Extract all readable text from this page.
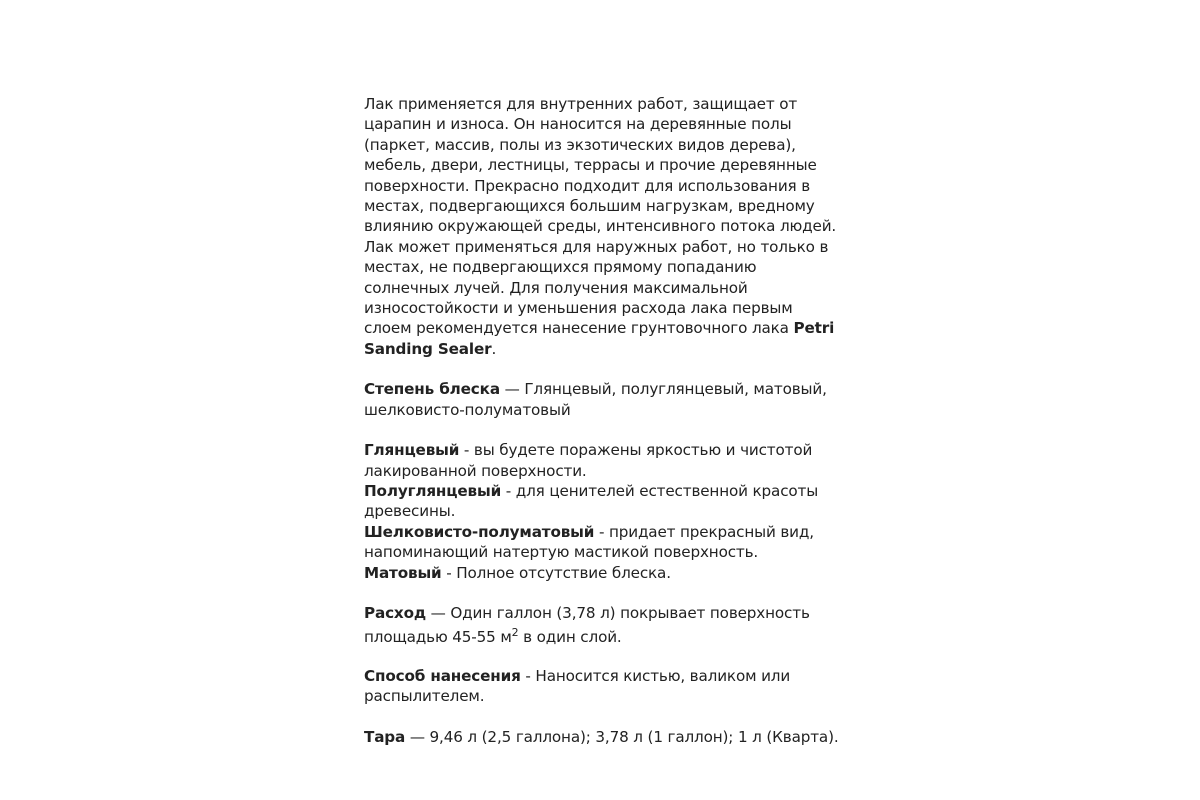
Лак применяется для внутренних работ, защищает от царапин и износа. Он наносится на деревянные полы (паркет, массив, полы из экзотических видов дерева), мебель, двери, лестницы, террасы и прочие деревянные поверхности. Прекрасно подходит для использования в местах, подвергающихся большим нагрузкам, вредному влиянию окружающей среды, интенсивного потока людей. Лак может применяться для наружных работ, но только в местах, не подвергающихся прямому попаданию солнечных лучей. Для получения максимальной износостойкости и уменьшения расхода лака первым слоем рекомендуется нанесение грунтовочного лака Petri Sanding Sealer.

Степень блеска — Глянцевый, полуглянцевый, матовый, шелковисто-полуматовый

Глянцевый - вы будете поражены яркостью и чистотой лакированной поверхности.

Полуглянцевый - для ценителей естественной красоты древесины.

Шелковисто-полуматовый - придает прекрасный вид, напоминающий натертую мастикой поверхность.

Матовый - Полное отсутствие блеска.

Расход — Один галлон (3,78 л) покрывает поверхность
площадью 45-55 $м^2$ в один слой.

Способ нанесения - Наносится кистью, валиком или распылителем.

Тара — 9,46 л (2,5 галлона); 3,78 л (1 галлон); 1 л (Кварта).
